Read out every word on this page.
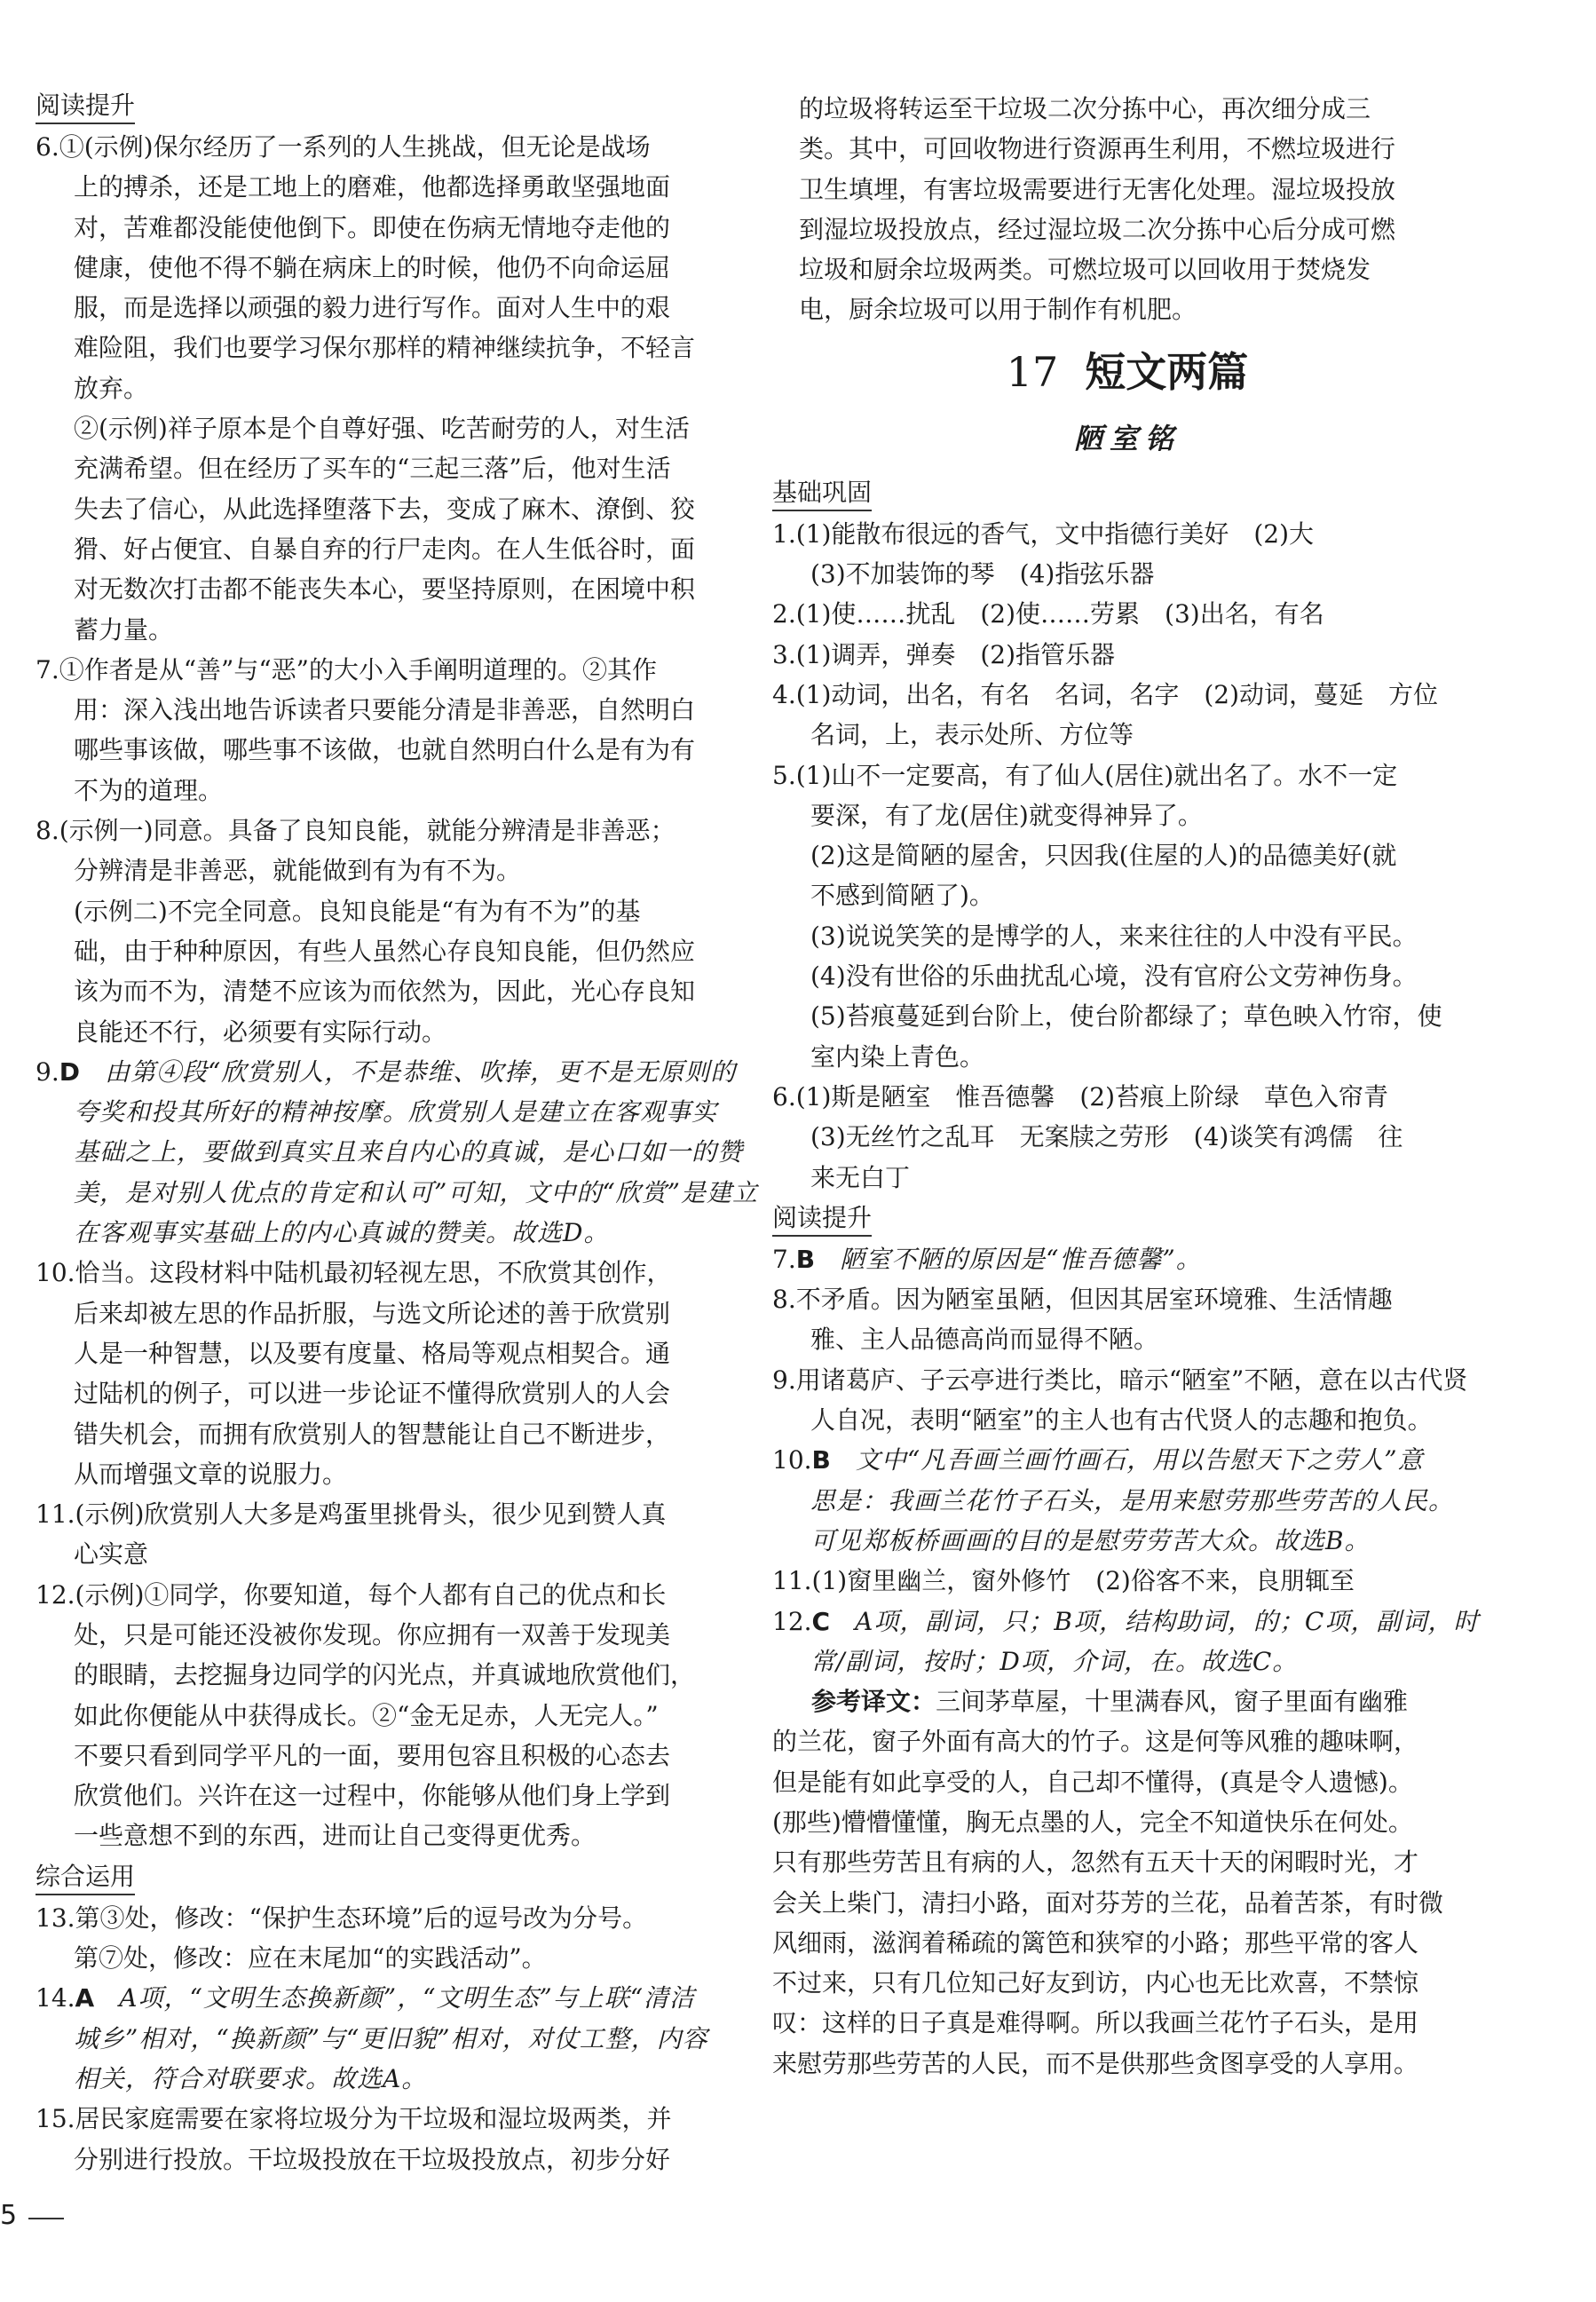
阅读提升
6.①(示例)保尔经历了一系列的人生挑战，但无论是战场
上的搏杀，还是工地上的磨难，他都选择勇敢坚强地面
对，苦难都没能使他倒下。即使在伤病无情地夺走他的
健康，使他不得不躺在病床上的时候，他仍不向命运屈
服，而是选择以顽强的毅力进行写作。面对人生中的艰
难险阻，我们也要学习保尔那样的精神继续抗争，不轻言
放弃。
②(示例)祥子原本是个自尊好强、吃苦耐劳的人，对生活
充满希望。但在经历了买车的“三起三落”后，他对生活
失去了信心，从此选择堕落下去，变成了麻木、潦倒、狡
猾、好占便宜、自暴自弃的行尸走肉。在人生低谷时，面
对无数次打击都不能丧失本心，要坚持原则，在困境中积
蓄力量。
7.①作者是从“善”与“恶”的大小入手阐明道理的。②其作
用：深入浅出地告诉读者只要能分清是非善恶，自然明白
哪些事该做，哪些事不该做，也就自然明白什么是有为有
不为的道理。
8.(示例一)同意。具备了良知良能，就能分辨清是非善恶；
分辨清是非善恶，就能做到有为有不为。
(示例二)不完全同意。良知良能是“有为有不为”的基
础，由于种种原因，有些人虽然心存良知良能，但仍然应
该为而不为，清楚不应该为而依然为，因此，光心存良知
良能还不行，必须要有实际行动。
9.D　 由第④段“欣赏别人，不是恭维、吹捧，更不是无原则的
夸奖和投其所好的精神按摩。欣赏别人是建立在客观事实
基础之上，要做到真实且来自内心的真诚，是心口如一的赞
美，是对别人优点的肯定和认可”可知，文中的“欣赏”是建立
在客观事实基础上的内心真诚的赞美。故选D。
10.恰当。这段材料中陆机最初轻视左思，不欣赏其创作，
后来却被左思的作品折服，与选文所论述的善于欣赏别
人是一种智慧，以及要有度量、格局等观点相契合。通
过陆机的例子，可以进一步论证不懂得欣赏别人的人会
错失机会，而拥有欣赏别人的智慧能让自己不断进步，
从而增强文章的说服力。
11.(示例)欣赏别人大多是鸡蛋里挑骨头，很少见到赞人真
心实意
12.(示例)①同学，你要知道，每个人都有自己的优点和长
处，只是可能还没被你发现。你应拥有一双善于发现美
的眼睛，去挖掘身边同学的闪光点，并真诚地欣赏他们，
如此你便能从中获得成长。②“金无足赤，人无完人。”
不要只看到同学平凡的一面，要用包容且积极的心态去
欣赏他们。兴许在这一过程中，你能够从他们身上学到
一些意想不到的东西，进而让自己变得更优秀。
综合运用
13.第③处，修改：“保护生态环境”后的逗号改为分号。
第⑦处，修改：应在末尾加“的实践活动”。
14.A　 A项，“文明生态换新颜”，“文明生态”与上联“清洁
城乡”相对，“换新颜”与“更旧貌”相对，对仗工整，内容
相关，符合对联要求。故选A。
15.居民家庭需要在家将垃圾分为干垃圾和湿垃圾两类，并
分别进行投放。干垃圾投放在干垃圾投放点，初步分好
的垃圾将转运至干垃圾二次分拣中心，再次细分成三
类。其中，可回收物进行资源再生利用，不燃垃圾进行
卫生填埋，有害垃圾需要进行无害化处理。湿垃圾投放
到湿垃圾投放点，经过湿垃圾二次分拣中心后分成可燃
垃圾和厨余垃圾两类。可燃垃圾可以回收用于焚烧发
电，厨余垃圾可以用于制作有机肥。
17 短文两篇
陋室铭
基础巩固
1.(1)能散布很远的香气，文中指德行美好　(2)大
(3)不加装饰的琴　(4)指弦乐器
2.(1)使……扰乱　(2)使……劳累　(3)出名，有名
3.(1)调弄，弹奏　(2)指管乐器
4.(1)动词，出名，有名　名词，名字　(2)动词，蔓延　方位
名词，上，表示处所、方位等
5.(1)山不一定要高，有了仙人(居住)就出名了。水不一定
要深，有了龙(居住)就变得神异了。
(2)这是简陋的屋舍，只因我(住屋的人)的品德美好(就
不感到简陋了)。
(3)说说笑笑的是博学的人，来来往往的人中没有平民。
(4)没有世俗的乐曲扰乱心境，没有官府公文劳神伤身。
(5)苔痕蔓延到台阶上，使台阶都绿了；草色映入竹帘，使
室内染上青色。
6.(1)斯是陋室　惟吾德馨　(2)苔痕上阶绿　草色入帘青
(3)无丝竹之乱耳　无案牍之劳形　(4)谈笑有鸿儒　往
来无白丁
阅读提升
7.B　 陋室不陋的原因是“惟吾德馨”。
8.不矛盾。因为陋室虽陋，但因其居室环境雅、生活情趣
雅、主人品德高尚而显得不陋。
9.用诸葛庐、子云亭进行类比，暗示“陋室”不陋，意在以古代贤
人自况，表明“陋室”的主人也有古代贤人的志趣和抱负。
10.B　 文中“凡吾画兰画竹画石，用以告慰天下之劳人”意
思是：我画兰花竹子石头，是用来慰劳那些劳苦的人民。
可见郑板桥画画的目的是慰劳劳苦大众。故选B。
11.(1)窗里幽兰，窗外修竹　(2)俗客不来，良朋辄至
12.C　 A项，副词，只；B项，结构助词，的；C项，副词，时
常/副词，按时；D项，介词，在。故选C。
参考译文：三间茅草屋，十里满春风，窗子里面有幽雅
的兰花，窗子外面有高大的竹子。这是何等风雅的趣味啊，
但是能有如此享受的人，自己却不懂得，(真是令人遗憾)。
(那些)懵懵懂懂，胸无点墨的人，完全不知道快乐在何处。
只有那些劳苦且有病的人，忽然有五天十天的闲暇时光，才
会关上柴门，清扫小路，面对芬芳的兰花，品着苦茶，有时微
风细雨，滋润着稀疏的篱笆和狭窄的小路；那些平常的客人
不过来，只有几位知己好友到访，内心也无比欢喜，不禁惊
叹：这样的日子真是难得啊。所以我画兰花竹子石头，是用
来慰劳那些劳苦的人民，而不是供那些贪图享受的人享用。
5
